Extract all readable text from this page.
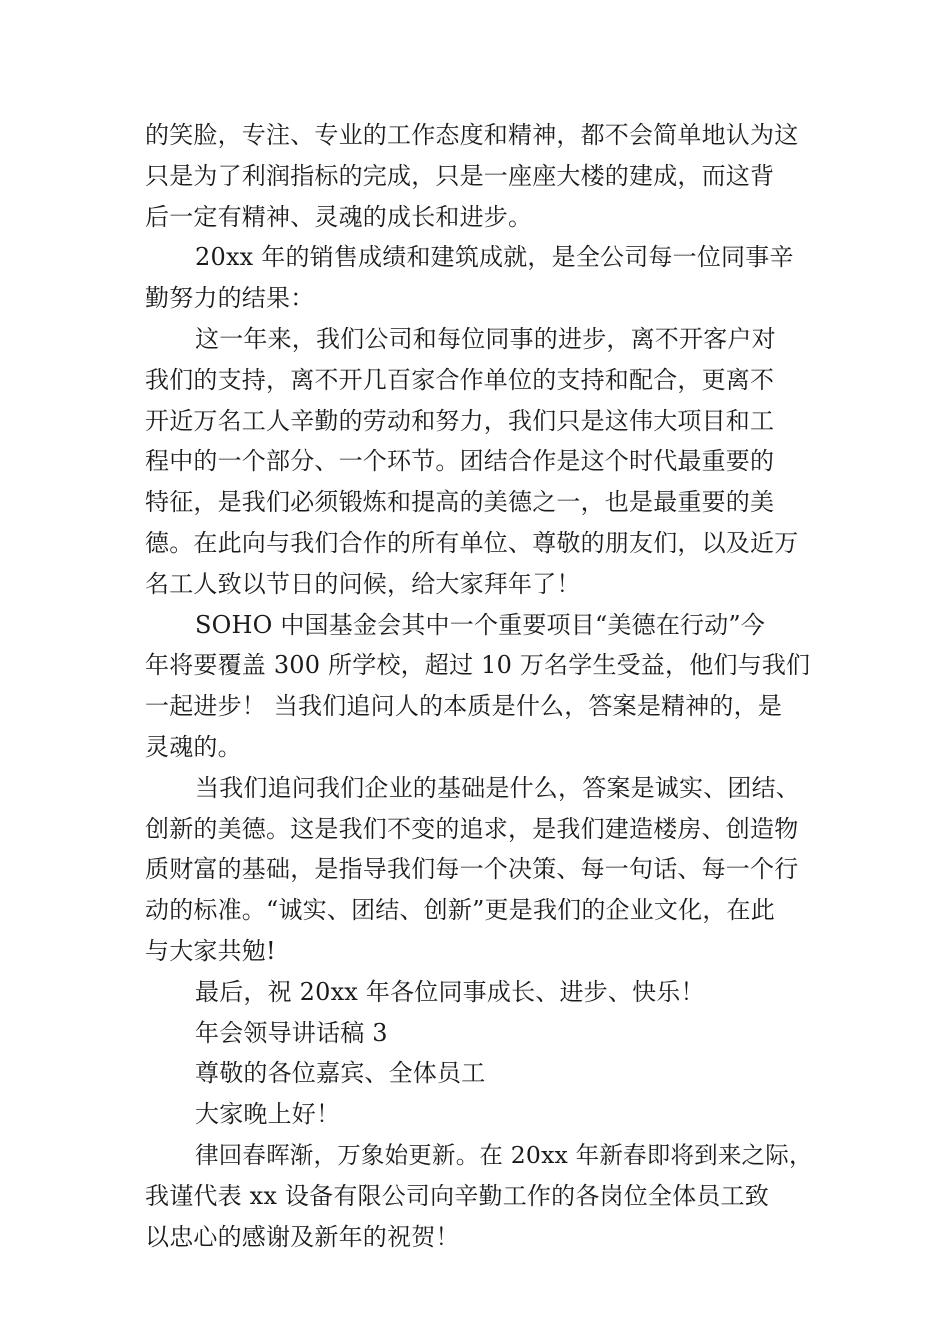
的笑脸，专注、专业的工作态度和精神，都不会简单地认为这
只是为了利润指标的完成，只是一座座大楼的建成，而这背
后一定有精神、灵魂的成长和进步。
20xx 年的销售成绩和建筑成就，是全公司每一位同事辛
勤努力的结果：
这一年来，我们公司和每位同事的进步，离不开客户对
我们的支持，离不开几百家合作单位的支持和配合，更离不
开近万名工人辛勤的劳动和努力，我们只是这伟大项目和工
程中的一个部分、一个环节。团结合作是这个时代最重要的
特征，是我们必须锻炼和提高的美德之一，也是最重要的美
德。在此向与我们合作的所有单位、尊敬的朋友们，以及近万
名工人致以节日的问候，给大家拜年了！
SOHO 中国基金会其中一个重要项目“美德在行动”今
年将要覆盖 300 所学校，超过 10 万名学生受益，他们与我们
一起进步！ 当我们追问人的本质是什么，答案是精神的，是
灵魂的。
当我们追问我们企业的基础是什么，答案是诚实、团结、
创新的美德。这是我们不变的追求，是我们建造楼房、创造物
质财富的基础，是指导我们每一个决策、每一句话、每一个行
动的标准。“诚实、团结、创新”更是我们的企业文化，在此
与大家共勉!
最后，祝 20xx 年各位同事成长、进步、快乐！
年会领导讲话稿 3
尊敬的各位嘉宾、全体员工
大家晚上好！
律回春晖渐，万象始更新。在 20xx 年新春即将到来之际，
我谨代表 xx 设备有限公司向辛勤工作的各岗位全体员工致
以忠心的感谢及新年的祝贺！
